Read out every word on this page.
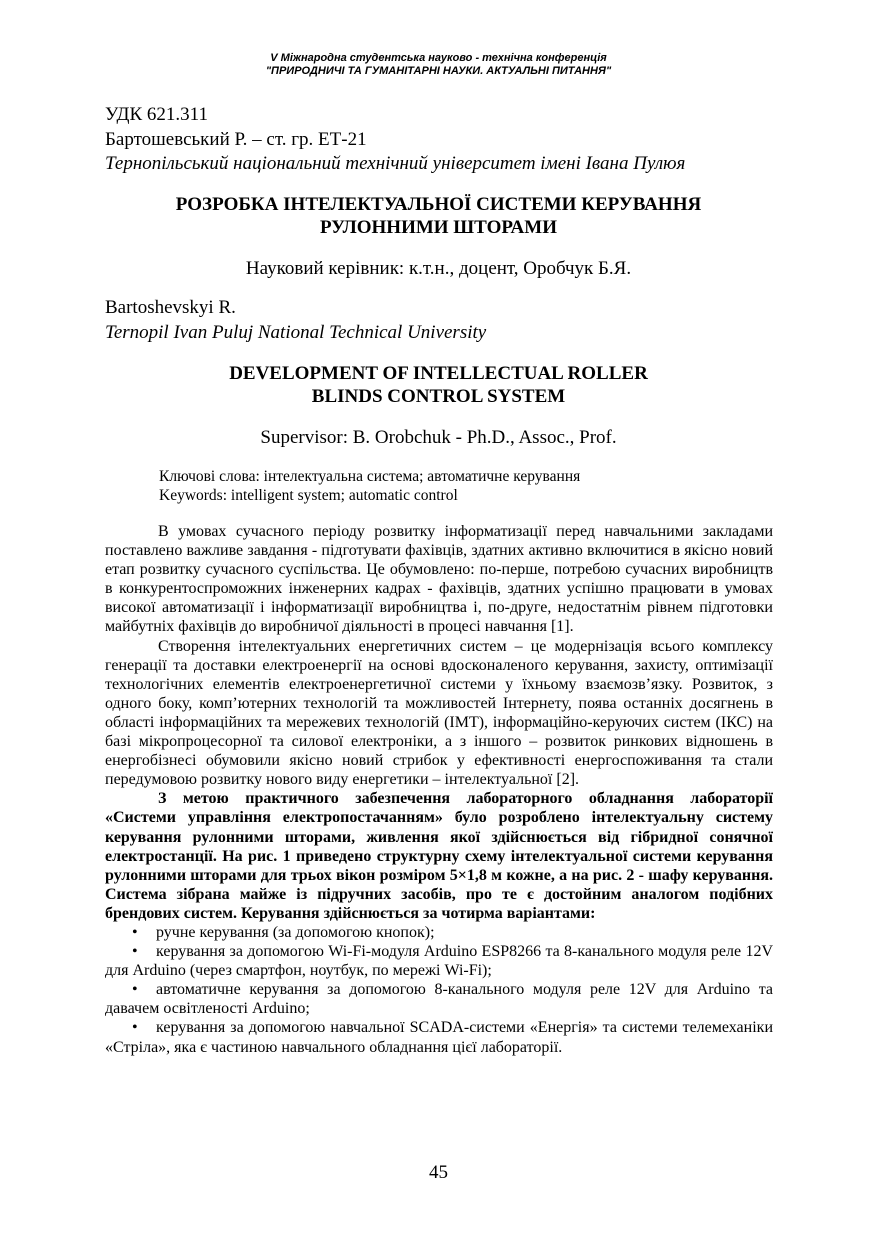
V Міжнародна студентська науково - технічна конференція
"ПРИРОДНИЧІ ТА ГУМАНІТАРНІ НАУКИ. АКТУАЛЬНІ ПИТАННЯ"
УДК 621.311
Бартошевський Р. – ст. гр. ЕТ-21
Тернопільський національний технічний університет імені Івана Пулюя
РОЗРОБКА ІНТЕЛЕКТУАЛЬНОЇ СИСТЕМИ КЕРУВАННЯ
РУЛОННИМИ ШТОРАМИ
Науковий керівник: к.т.н., доцент, Оробчук Б.Я.
Bartoshevskyi R.
Ternopil Ivan Puluj National Technical University
DEVELOPMENT OF INTELLECTUAL ROLLER
BLINDS CONTROL SYSTEM
Supervisor: B. Orobchuk - Ph.D., Assoc., Prof.
Ключові слова: інтелектуальна система; автоматичне керування
Keywords: intelligent system; automatic control

В умовах сучасного періоду розвитку інформатизації перед навчальними закладами поставлено важливе завдання - підготувати фахівців, здатних активно включитися в якісно новий етап розвитку сучасного суспільства. Це обумовлено: по-перше, потребою сучасних виробництв в конкурентоспроможних інженерних кадрах - фахівців, здатних успішно працювати в умовах високої автоматизації і інформатизації виробництва і, по-друге, недостатнім рівнем підготовки майбутніх фахівців до виробничої діяльності в процесі навчання [1].

Створення інтелектуальних енергетичних систем – це модернізація всього комплексу генерації та доставки електроенергії на основі вдосконаленого керування, захисту, оптимізації технологічних елементів електроенергетичної системи у їхньому взаємозв’язку. Розвиток, з одного боку, комп’ютерних технологій та можливостей Інтернету, поява останніх досягнень в області інформаційних та мережевих технологій (ІМТ), інформаційно-керуючих систем (ІКС) на базі мікропроцесорної та силової електроніки, а з іншого – розвиток ринкових відношень в енергобізнесі обумовили якісно новий стрибок у ефективності енергоспоживання та стали передумовою розвитку нового виду енергетики – інтелектуальної [2].

З метою практичного забезпечення лабораторного обладнання лабораторії «Системи управління електропостачанням» було розроблено інтелектуальну систему керування рулонними шторами, живлення якої здійснюється від гібридної сонячної електростанції. На рис. 1 приведено структурну схему інтелектуальної системи керування рулонними шторами для трьох вікон розміром 5×1,8 м кожне, а на рис. 2 - шафу керування. Система зібрана майже із підручних засобів, про те є достойним аналогом подібних брендових систем. Керування здійснюється за чотирма варіантами:

• ручне керування (за допомогою кнопок);
• керування за допомогою Wi-Fi-модуля Arduino ESP8266 та 8-канального модуля реле 12V для Arduino (через смартфон, ноутбук, по мережі Wi-Fi);
• автоматичне керування за допомогою 8-канального модуля реле 12V для Arduino та давачем освітленості Arduino;
• керування за допомогою навчальної SCADA-системи «Енергія» та системи телемеханіки «Стріла», яка є частиною навчального обладнання цієї лабораторії.
45
